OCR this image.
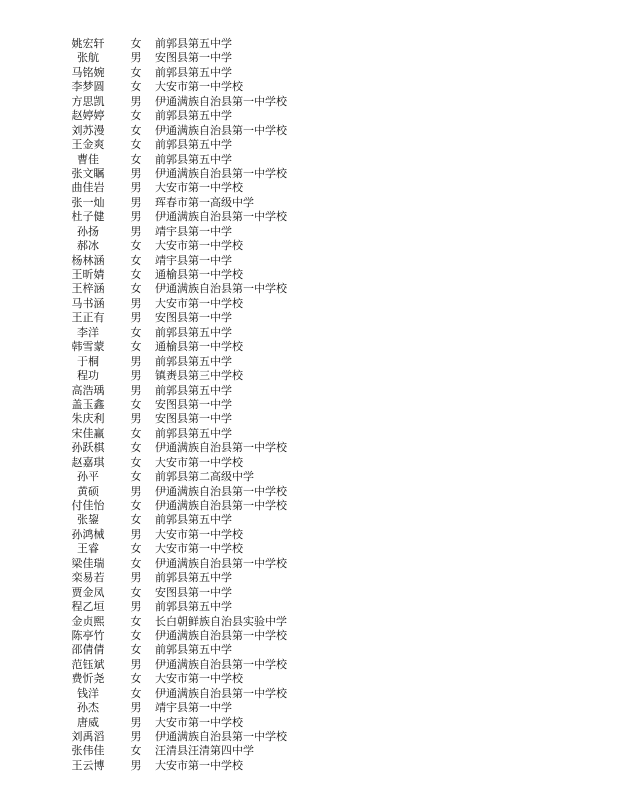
姚宏轩	女 前郭县第五中学
张航	男 安图县第一中学
马铭婉	女 前郭县第五中学
李梦圆	女 大安市第一中学校
方思凯	男 伊通满族自治县第一中学校
赵婷婷	女 前郭县第五中学
刘苏漫	女 伊通满族自治县第一中学校
王金爽	女 前郭县第五中学
曹佳	女 前郭县第五中学
张文瞩	男 伊通满族自治县第一中学校
曲佳岩	男 大安市第一中学校
张一灿	男 珲春市第一高级中学
杜子健	男 伊通满族自治县第一中学校
孙扬	男 靖宇县第一中学
郝冰	女 大安市第一中学校
杨林涵	女 靖宇县第一中学
王昕婧	女 通榆县第一中学校
王梓涵	女 伊通满族自治县第一中学校
马书涵	男 大安市第一中学校
王正有	男 安图县第一中学
李洋	女 前郭县第五中学
韩雪蒙	女 通榆县第一中学校
于桐	男 前郭县第五中学
程功	男 镇赉县第三中学校
高浩瑀	男 前郭县第五中学
盖玉鑫	女 安图县第一中学
朱庆利	男 安图县第一中学
宋佳赢	女 前郭县第五中学
孙跃棋	女 伊通满族自治县第一中学校
赵嘉琪	女 大安市第一中学校
孙平	女 前郭县第二高级中学
黄硕	男 伊通满族自治县第一中学校
付佳怡	女 伊通满族自治县第一中学校
张鋆	女 前郭县第五中学
孙鸿械	男 大安市第一中学校
王睿	女 大安市第一中学校
梁佳瑞	女 伊通满族自治县第一中学校
栾易若	男 前郭县第五中学
贾金凤	女 安图县第一中学
程乙垣	男 前郭县第五中学
金贞熙	女 长白朝鲜族自治县实验中学
陈亭竹	女 伊通满族自治县第一中学校
邵倩倩	女 前郭县第五中学
范钰斌	男 伊通满族自治县第一中学校
费忻尧	女 大安市第一中学校
钱洋	女 伊通满族自治县第一中学校
孙杰	男 靖宇县第一中学
唐威	男 大安市第一中学校
刘禹滔	男 伊通满族自治县第一中学校
张伟佳	女 汪清县汪清第四中学
王云博	男 大安市第一中学校
